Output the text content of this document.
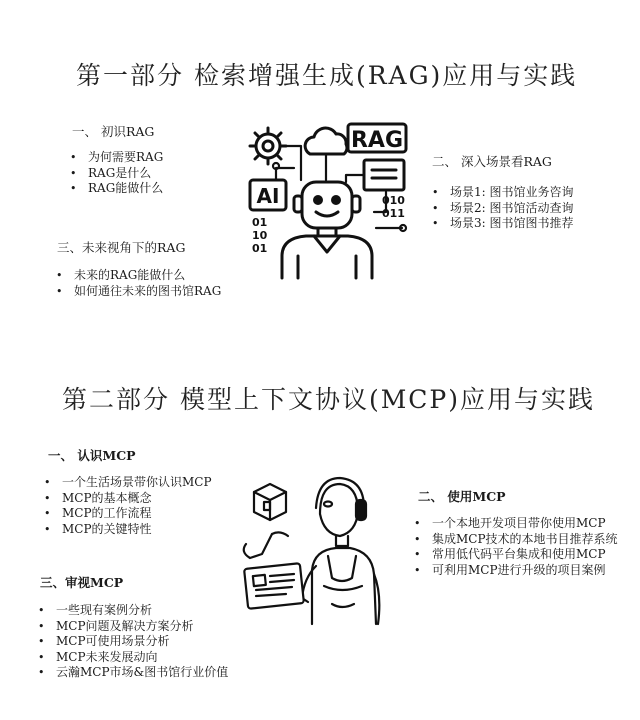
第一部分 检索增强生成(RAG)应用与实践
一、 初识RAG
• 为何需要RAG
• RAG是什么
• RAG能做什么
三、未来视角下的RAG
• 未来的RAG能做什么
• 如何通往未来的图书馆RAG
二、 深入场景看RAG
• 场景1: 图书馆业务咨询
• 场景2: 图书馆活动查询
• 场景3: 图书馆图书推荐
RAG
AI	010
011
01
10
01
第二部分 模型上下文协议(MCP)应用与实践
一、 认识MCP
• 一个生活场景带你认识MCP
• MCP的基本概念
• MCP的工作流程
• MCP的关键特性
三、审视MCP
• 一些现有案例分析
• MCP问题及解决方案分析
• MCP可使用场景分析
• MCP未来发展动向
• 云瀚MCP市场&图书馆行业价值
二、 使用MCP
• 一个本地开发项目带你使用MCP
• 集成MCP技术的本地书目推荐系统
• 常用低代码平台集成和使用MCP
• 可利用MCP进行升级的项目案例
